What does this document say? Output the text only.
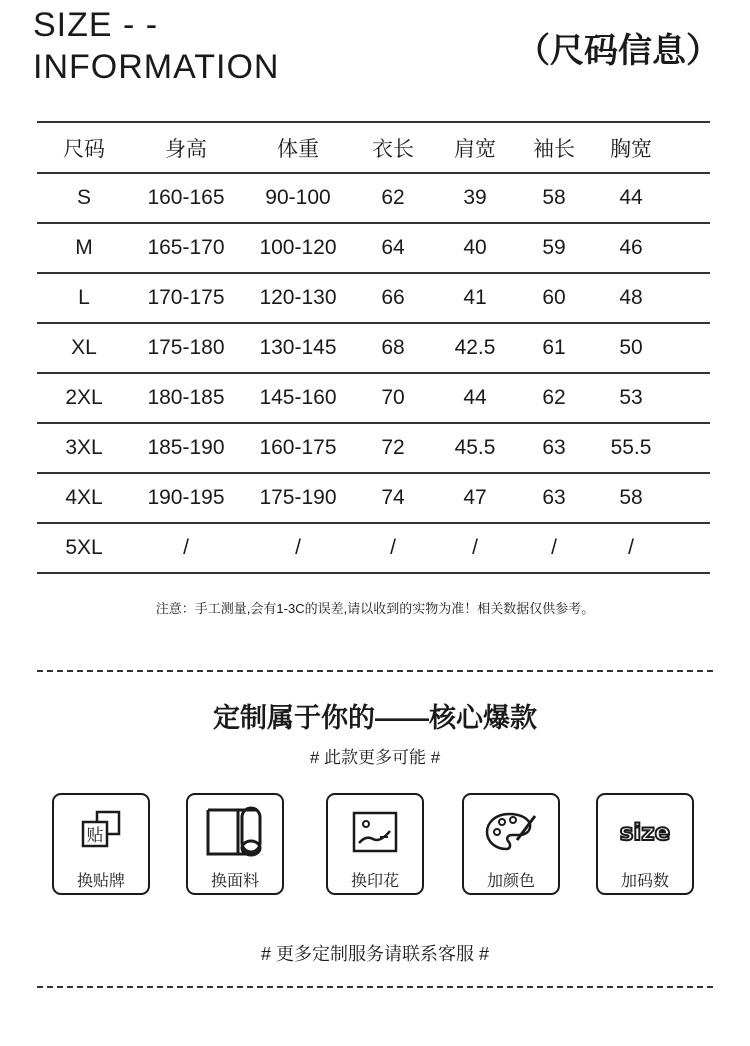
SIZE - -
INFORMATION	（尺码信息）
尺码	身高	体重	衣长	肩宽	袖长	胸宽	
S	160-165	90-100	62	39	58	44	
M	165-170	100-120	64	40	59	46	
L	170-175	120-130	66	41	60	48	
XL	175-180	130-145	68	42.5	61	50	
2XL	180-185	145-160	70	44	62	53	
3XL	185-190	160-175	72	45.5	63	55.5	
4XL	190-195	175-190	74	47	63	58	
5XL	/	/	/	/	/	/	

注意：手工测量,会有1-3C的误差,请以收到的实物为准！相关数据仅供参考。

定制属于你的——核心爆款

# 此款更多可能 #

贴
换贴牌	换面料	换印花	加颜色
size
加码数

# 更多定制服务请联系客服 #
